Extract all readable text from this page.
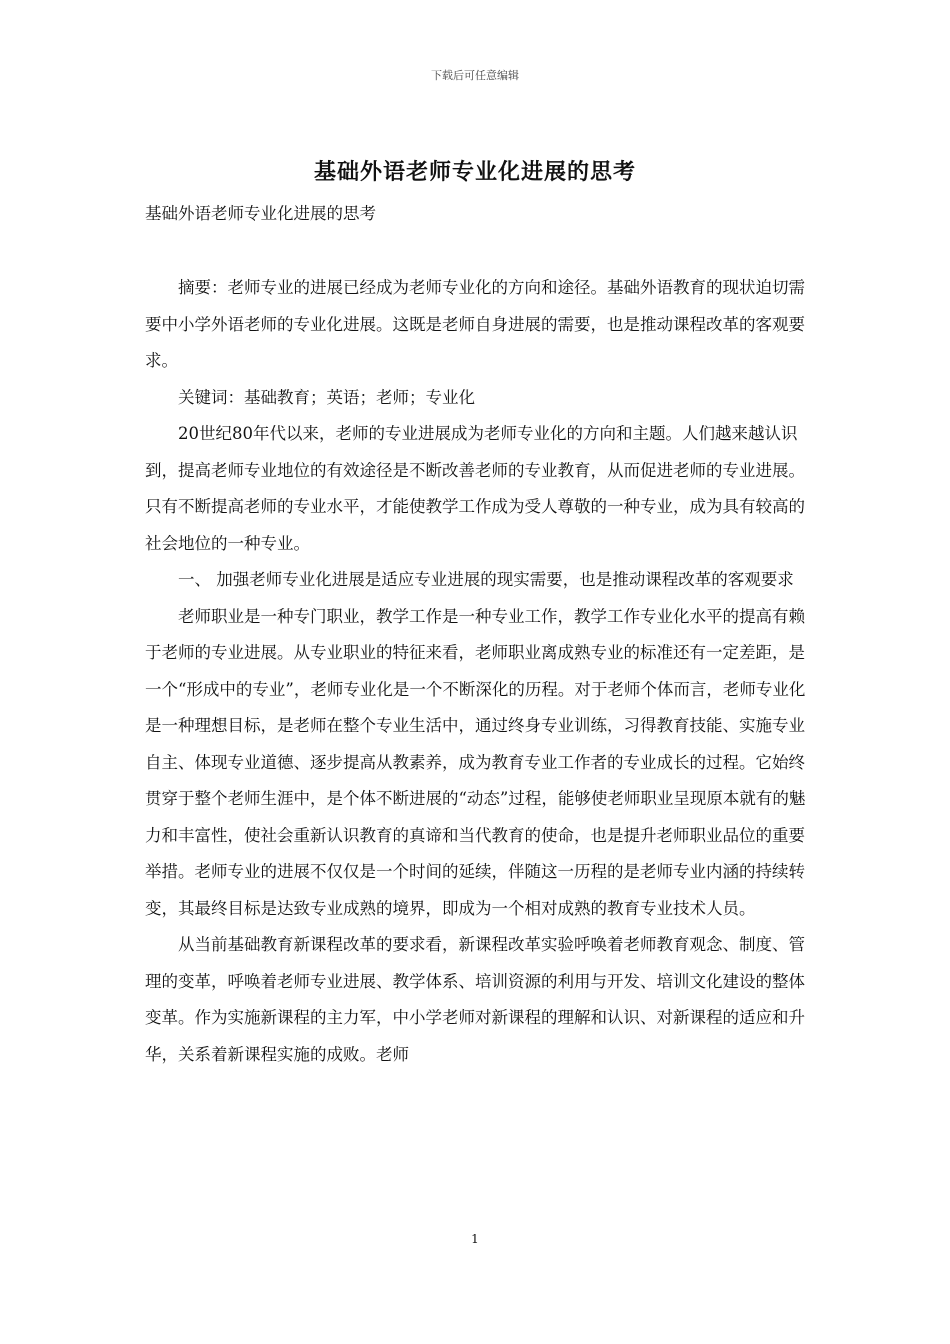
下载后可任意编辑
基础外语老师专业化进展的思考
基础外语老师专业化进展的思考

摘要：老师专业的进展已经成为老师专业化的方向和途径。基础外语教育的现状迫切需要中小学外语老师的专业化进展。这既是老师自身进展的需要，也是推动课程改革的客观要求。

关键词：基础教育；英语；老师；专业化

20世纪80年代以来，老师的专业进展成为老师专业化的方向和主题。人们越来越认识到，提高老师专业地位的有效途径是不断改善老师的专业教育，从而促进老师的专业进展。只有不断提高老师的专业水平，才能使教学工作成为受人尊敬的一种专业，成为具有较高的社会地位的一种专业。

一、 加强老师专业化进展是适应专业进展的现实需要，也是推动课程改革的客观要求

老师职业是一种专门职业，教学工作是一种专业工作，教学工作专业化水平的提高有赖于老师的专业进展。从专业职业的特征来看，老师职业离成熟专业的标准还有一定差距，是一个“形成中的专业”，老师专业化是一个不断深化的历程。对于老师个体而言，老师专业化是一种理想目标，是老师在整个专业生活中，通过终身专业训练，习得教育技能、实施专业自主、体现专业道德、逐步提高从教素养，成为教育专业工作者的专业成长的过程。它始终贯穿于整个老师生涯中，是个体不断进展的“动态”过程，能够使老师职业呈现原本就有的魅力和丰富性，使社会重新认识教育的真谛和当代教育的使命，也是提升老师职业品位的重要举措。老师专业的进展不仅仅是一个时间的延续，伴随这一历程的是老师专业内涵的持续转变，其最终目标是达致专业成熟的境界，即成为一个相对成熟的教育专业技术人员。

从当前基础教育新课程改革的要求看，新课程改革实验呼唤着老师教育观念、制度、管理的变革，呼唤着老师专业进展、教学体系、培训资源的利用与开发、培训文化建设的整体变革。作为实施新课程的主力军，中小学老师对新课程的理解和认识、对新课程的适应和升华，关系着新课程实施的成败。老师

1
